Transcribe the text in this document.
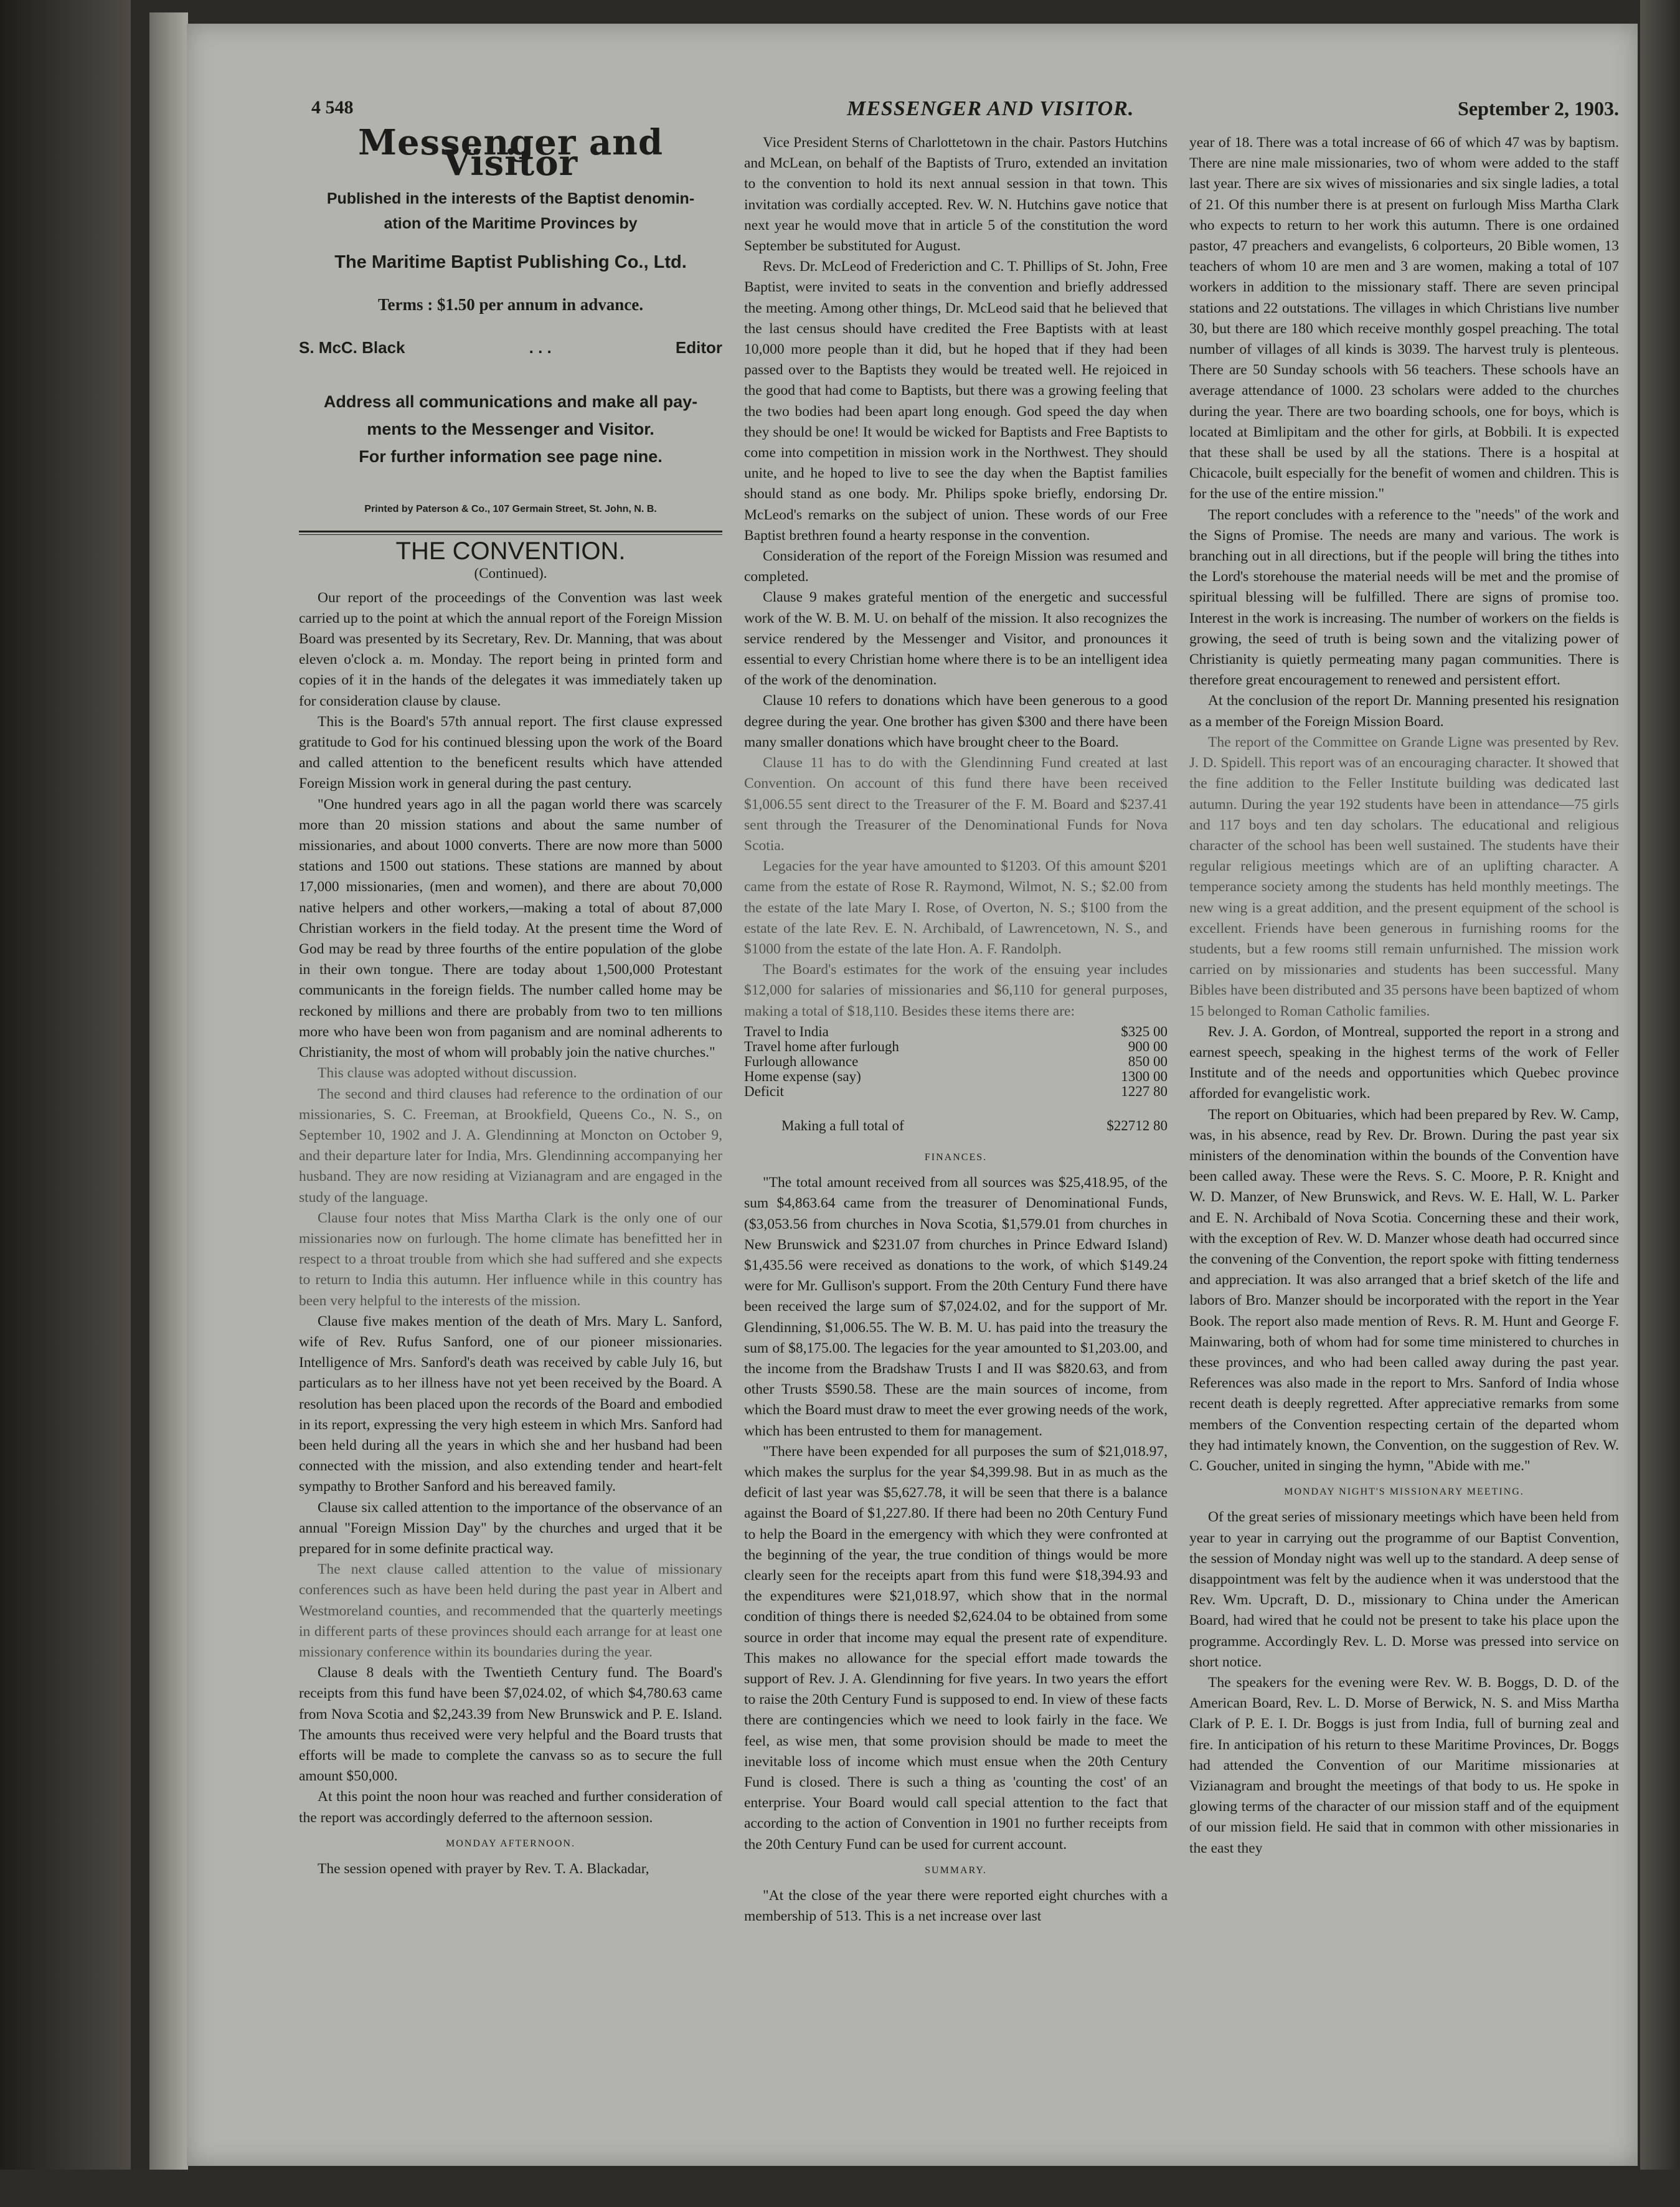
4 548	MESSENGER AND VISITOR.	September 2, 1903.
Messenger and Visitor
Published in the interests of the Baptist denomin-
ation of the Maritime Provinces by
The Maritime Baptist Publishing Co., Ltd.
Terms : $1.50 per annum in advance.
S. McC. Black	. . .	Editor
Address all communications and make all pay-
ments to the Messenger and Visitor.
For further information see page nine.
Printed by Paterson & Co., 107 Germain Street, St. John, N. B.
THE CONVENTION.
(Continued).

Our report of the proceedings of the Convention was last week carried up to the point at which the annual report of the Foreign Mission Board was presented by its Secretary, Rev. Dr. Manning, that was about eleven o'clock a. m. Monday. The report being in printed form and copies of it in the hands of the delegates it was immediately taken up for consideration clause by clause.

This is the Board's 57th annual report. The first clause expressed gratitude to God for his continued blessing upon the work of the Board and called attention to the beneficent results which have attended Foreign Mission work in general during the past century.

"One hundred years ago in all the pagan world there was scarcely more than 20 mission stations and about the same number of missionaries, and about 1000 converts. There are now more than 5000 stations and 1500 out stations. These stations are manned by about 17,000 missionaries, (men and women), and there are about 70,000 native helpers and other workers,—making a total of about 87,000 Christian workers in the field today. At the present time the Word of God may be read by three fourths of the entire population of the globe in their own tongue. There are today about 1,500,000 Protestant communicants in the foreign fields. The number called home may be reckoned by millions and there are probably from two to ten millions more who have been won from paganism and are nominal adherents to Christianity, the most of whom will probably join the native churches."

This clause was adopted without discussion.

The second and third clauses had reference to the ordination of our missionaries, S. C. Freeman, at Brookfield, Queens Co., N. S., on September 10, 1902 and J. A. Glendinning at Moncton on October 9, and their departure later for India, Mrs. Glendinning accompanying her husband. They are now residing at Vizianagram and are engaged in the study of the language.

Clause four notes that Miss Martha Clark is the only one of our missionaries now on furlough. The home climate has benefitted her in respect to a throat trouble from which she had suffered and she expects to return to India this autumn. Her influence while in this country has been very helpful to the interests of the mission.

Clause five makes mention of the death of Mrs. Mary L. Sanford, wife of Rev. Rufus Sanford, one of our pioneer missionaries. Intelligence of Mrs. Sanford's death was received by cable July 16, but particulars as to her illness have not yet been received by the Board. A resolution has been placed upon the records of the Board and embodied in its report, expressing the very high esteem in which Mrs. Sanford had been held during all the years in which she and her husband had been connected with the mission, and also extending tender and heart-felt sympathy to Brother Sanford and his bereaved family.

Clause six called attention to the importance of the observance of an annual "Foreign Mission Day" by the churches and urged that it be prepared for in some definite practical way.

The next clause called attention to the value of missionary conferences such as have been held during the past year in Albert and Westmoreland counties, and recommended that the quarterly meetings in different parts of these provinces should each arrange for at least one missionary conference within its boundaries during the year.

Clause 8 deals with the Twentieth Century fund. The Board's receipts from this fund have been $7,024.02, of which $4,780.63 came from Nova Scotia and $2,243.39 from New Brunswick and P. E. Island. The amounts thus received were very helpful and the Board trusts that efforts will be made to complete the canvass so as to secure the full amount $50,000.

At this point the noon hour was reached and further consideration of the report was accordingly deferred to the afternoon session.

MONDAY AFTERNOON.

The session opened with prayer by Rev. T. A. Blackadar,

Vice President Sterns of Charlottetown in the chair. Pastors Hutchins and McLean, on behalf of the Baptists of Truro, extended an invitation to the convention to hold its next annual session in that town. This invitation was cordially accepted. Rev. W. N. Hutchins gave notice that next year he would move that in article 5 of the constitution the word September be substituted for August.

Revs. Dr. McLeod of Frederiction and C. T. Phillips of St. John, Free Baptist, were invited to seats in the convention and briefly addressed the meeting. Among other things, Dr. McLeod said that he believed that the last census should have credited the Free Baptists with at least 10,000 more people than it did, but he hoped that if they had been passed over to the Baptists they would be treated well. He rejoiced in the good that had come to Baptists, but there was a growing feeling that the two bodies had been apart long enough. God speed the day when they should be one! It would be wicked for Baptists and Free Baptists to come into competition in mission work in the Northwest. They should unite, and he hoped to live to see the day when the Baptist families should stand as one body. Mr. Philips spoke briefly, endorsing Dr. McLeod's remarks on the subject of union. These words of our Free Baptist brethren found a hearty response in the convention.

Consideration of the report of the Foreign Mission was resumed and completed.

Clause 9 makes grateful mention of the energetic and successful work of the W. B. M. U. on behalf of the mission. It also recognizes the service rendered by the Messenger and Visitor, and pronounces it essential to every Christian home where there is to be an intelligent idea of the work of the denomination.

Clause 10 refers to donations which have been generous to a good degree during the year. One brother has given $300 and there have been many smaller donations which have brought cheer to the Board.

Clause 11 has to do with the Glendinning Fund created at last Convention. On account of this fund there have been received $1,006.55 sent direct to the Treasurer of the F. M. Board and $237.41 sent through the Treasurer of the Denominational Funds for Nova Scotia.

Legacies for the year have amounted to $1203. Of this amount $201 came from the estate of Rose R. Raymond, Wilmot, N. S.; $2.00 from the estate of the late Mary I. Rose, of Overton, N. S.; $100 from the estate of the late Rev. E. N. Archibald, of Lawrencetown, N. S., and $1000 from the estate of the late Hon. A. F. Randolph.

The Board's estimates for the work of the ensuing year includes $12,000 for salaries of missionaries and $6,110 for general purposes, making a total of $18,110. Besides these items there are:

Travel to India	$325 00
Travel home after furlough	900 00
Furlough allowance	850 00
Home expense (say)	1300 00
Deficit	1227 80
Making a full total of	$22712 80
FINANCES.

"The total amount received from all sources was $25,418.95, of the sum $4,863.64 came from the treasurer of Denominational Funds, ($3,053.56 from churches in Nova Scotia, $1,579.01 from churches in New Brunswick and $231.07 from churches in Prince Edward Island) $1,435.56 were received as donations to the work, of which $149.24 were for Mr. Gullison's support. From the 20th Century Fund there have been received the large sum of $7,024.02, and for the support of Mr. Glendinning, $1,006.55. The W. B. M. U. has paid into the treasury the sum of $8,175.00. The legacies for the year amounted to $1,203.00, and the income from the Bradshaw Trusts I and II was $820.63, and from other Trusts $590.58. These are the main sources of income, from which the Board must draw to meet the ever growing needs of the work, which has been entrusted to them for management.

"There have been expended for all purposes the sum of $21,018.97, which makes the surplus for the year $4,399.98. But in as much as the deficit of last year was $5,627.78, it will be seen that there is a balance against the Board of $1,227.80. If there had been no 20th Century Fund to help the Board in the emergency with which they were confronted at the beginning of the year, the true condition of things would be more clearly seen for the receipts apart from this fund were $18,394.93 and the expenditures were $21,018.97, which show that in the normal condition of things there is needed $2,624.04 to be obtained from some source in order that income may equal the present rate of expenditure. This makes no allowance for the special effort made towards the support of Rev. J. A. Glendinning for five years. In two years the effort to raise the 20th Century Fund is supposed to end. In view of these facts there are contingencies which we need to look fairly in the face. We feel, as wise men, that some provision should be made to meet the inevitable loss of income which must ensue when the 20th Century Fund is closed. There is such a thing as 'counting the cost' of an enterprise. Your Board would call special attention to the fact that according to the action of Convention in 1901 no further receipts from the 20th Century Fund can be used for current account.

SUMMARY.

"At the close of the year there were reported eight churches with a membership of 513. This is a net increase over last

year of 18. There was a total increase of 66 of which 47 was by baptism. There are nine male missionaries, two of whom were added to the staff last year. There are six wives of missionaries and six single ladies, a total of 21. Of this number there is at present on furlough Miss Martha Clark who expects to return to her work this autumn. There is one ordained pastor, 47 preachers and evangelists, 6 colporteurs, 20 Bible women, 13 teachers of whom 10 are men and 3 are women, making a total of 107 workers in addition to the missionary staff. There are seven principal stations and 22 outstations. The villages in which Christians live number 30, but there are 180 which receive monthly gospel preaching. The total number of villages of all kinds is 3039. The harvest truly is plenteous. There are 50 Sunday schools with 56 teachers. These schools have an average attendance of 1000. 23 scholars were added to the churches during the year. There are two boarding schools, one for boys, which is located at Bimlipitam and the other for girls, at Bobbili. It is expected that these shall be used by all the stations. There is a hospital at Chicacole, built especially for the benefit of women and children. This is for the use of the entire mission."

The report concludes with a reference to the "needs" of the work and the Signs of Promise. The needs are many and various. The work is branching out in all directions, but if the people will bring the tithes into the Lord's storehouse the material needs will be met and the promise of spiritual blessing will be fulfilled. There are signs of promise too. Interest in the work is increasing. The number of workers on the fields is growing, the seed of truth is being sown and the vitalizing power of Christianity is quietly permeating many pagan communities. There is therefore great encouragement to renewed and persistent effort.

At the conclusion of the report Dr. Manning presented his resignation as a member of the Foreign Mission Board.

The report of the Committee on Grande Ligne was presented by Rev. J. D. Spidell. This report was of an encouraging character. It showed that the fine addition to the Feller Institute building was dedicated last autumn. During the year 192 students have been in attendance—75 girls and 117 boys and ten day scholars. The educational and religious character of the school has been well sustained. The students have their regular religious meetings which are of an uplifting character. A temperance society among the students has held monthly meetings. The new wing is a great addition, and the present equipment of the school is excellent. Friends have been generous in furnishing rooms for the students, but a few rooms still remain unfurnished. The mission work carried on by missionaries and students has been successful. Many Bibles have been distributed and 35 persons have been baptized of whom 15 belonged to Roman Catholic families.

Rev. J. A. Gordon, of Montreal, supported the report in a strong and earnest speech, speaking in the highest terms of the work of Feller Institute and of the needs and opportunities which Quebec province afforded for evangelistic work.

The report on Obituaries, which had been prepared by Rev. W. Camp, was, in his absence, read by Rev. Dr. Brown. During the past year six ministers of the denomination within the bounds of the Convention have been called away. These were the Revs. S. C. Moore, P. R. Knight and W. D. Manzer, of New Brunswick, and Revs. W. E. Hall, W. L. Parker and E. N. Archibald of Nova Scotia. Concerning these and their work, with the exception of Rev. W. D. Manzer whose death had occurred since the convening of the Convention, the report spoke with fitting tenderness and appreciation. It was also arranged that a brief sketch of the life and labors of Bro. Manzer should be incorporated with the report in the Year Book. The report also made mention of Revs. R. M. Hunt and George F. Mainwaring, both of whom had for some time ministered to churches in these provinces, and who had been called away during the past year. References was also made in the report to Mrs. Sanford of India whose recent death is deeply regretted. After appreciative remarks from some members of the Convention respecting certain of the departed whom they had intimately known, the Convention, on the suggestion of Rev. W. C. Goucher, united in singing the hymn, "Abide with me."

MONDAY NIGHT'S MISSIONARY MEETING.

Of the great series of missionary meetings which have been held from year to year in carrying out the programme of our Baptist Convention, the session of Monday night was well up to the standard. A deep sense of disappointment was felt by the audience when it was understood that the Rev. Wm. Upcraft, D. D., missionary to China under the American Board, had wired that he could not be present to take his place upon the programme. Accordingly Rev. L. D. Morse was pressed into service on short notice.

The speakers for the evening were Rev. W. B. Boggs, D. D. of the American Board, Rev. L. D. Morse of Berwick, N. S. and Miss Martha Clark of P. E. I. Dr. Boggs is just from India, full of burning zeal and fire. In anticipation of his return to these Maritime Provinces, Dr. Boggs had attended the Convention of our Maritime missionaries at Vizianagram and brought the meetings of that body to us. He spoke in glowing terms of the character of our mission staff and of the equipment of our mission field. He said that in common with other missionaries in the east they
